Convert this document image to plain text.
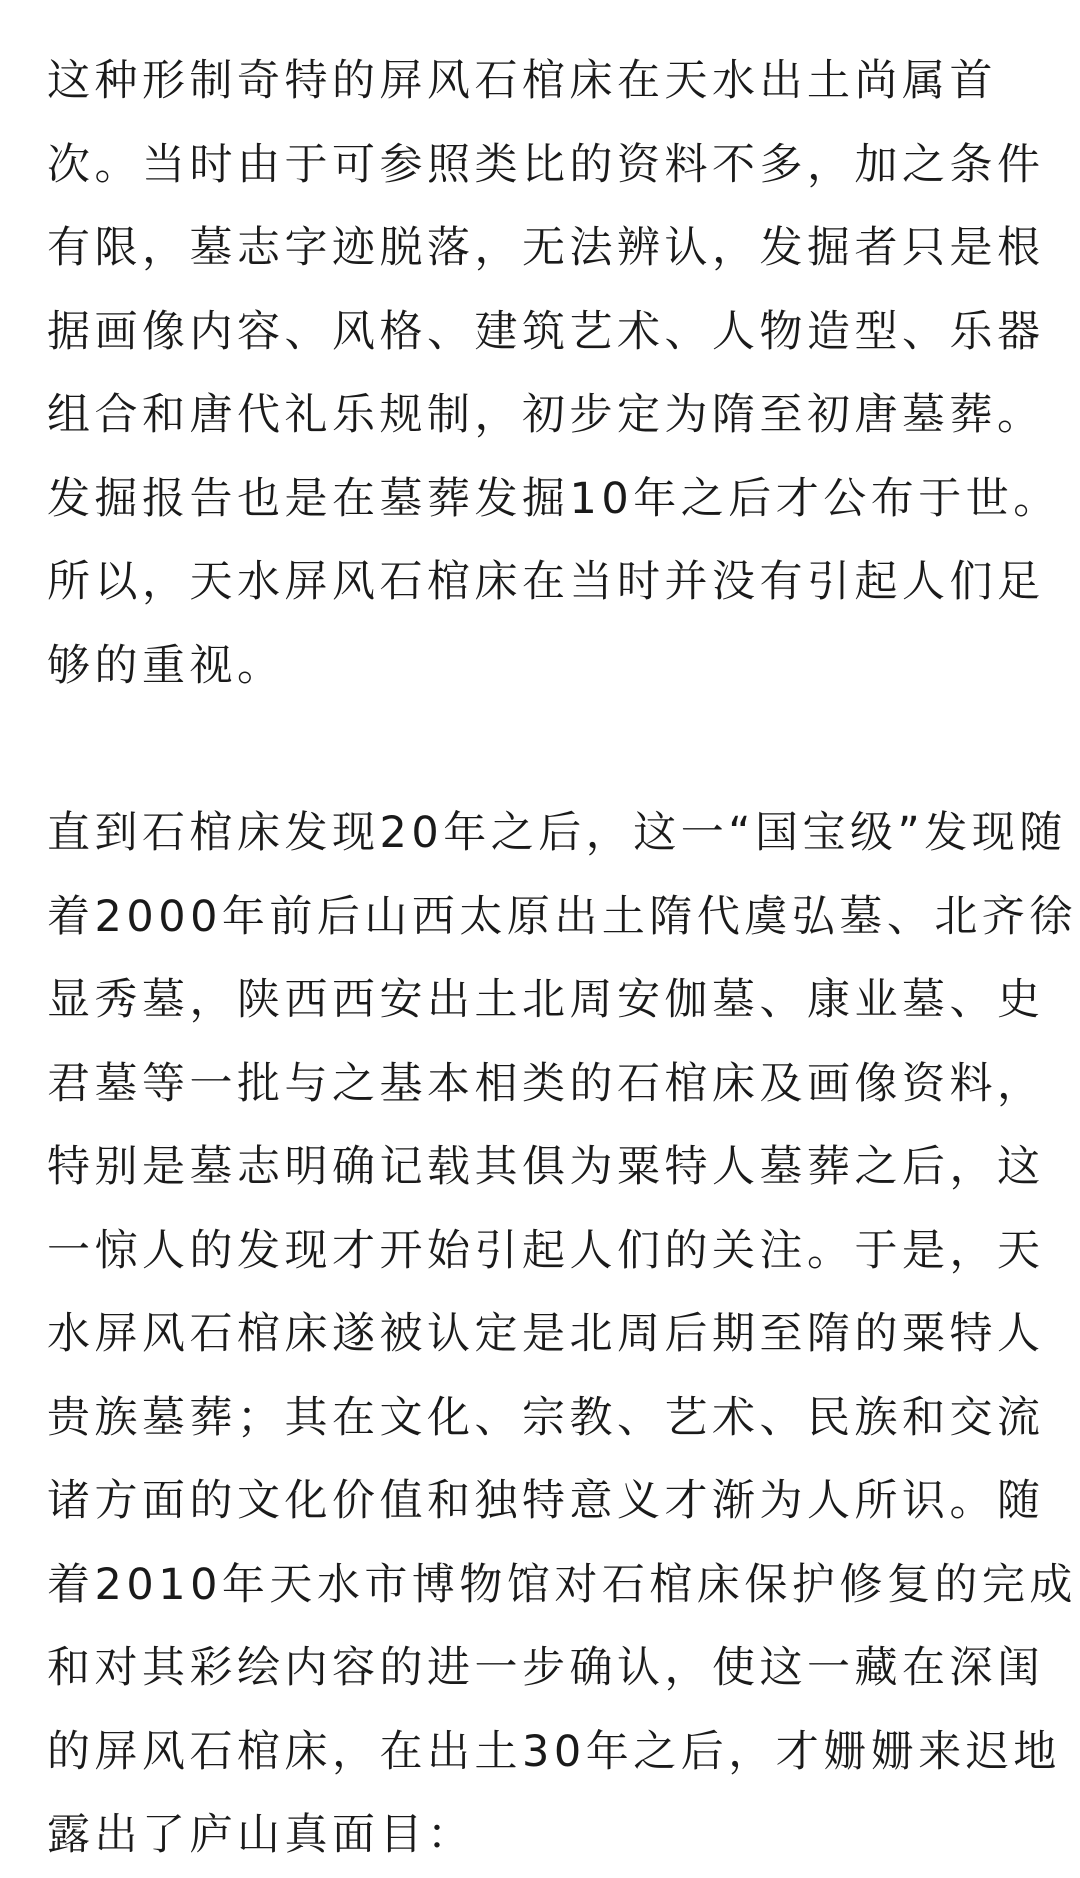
这种形制奇特的屏风石棺床在天水出土尚属首
次。当时由于可参照类比的资料不多，加之条件
有限，墓志字迹脱落，无法辨认，发掘者只是根
据画像内容、风格、建筑艺术、人物造型、乐器
组合和唐代礼乐规制，初步定为隋至初唐墓葬。
发掘报告也是在墓葬发掘10年之后才公布于世。
所以，天水屏风石棺床在当时并没有引起人们足
够的重视。
直到石棺床发现20年之后，这一“国宝级”发现随
着2000年前后山西太原出土隋代虞弘墓、北齐徐
显秀墓，陕西西安出土北周安伽墓、康业墓、史
君墓等一批与之基本相类的石棺床及画像资料，
特别是墓志明确记载其俱为粟特人墓葬之后，这
一惊人的发现才开始引起人们的关注。于是，天
水屏风石棺床遂被认定是北周后期至隋的粟特人
贵族墓葬；其在文化、宗教、艺术、民族和交流
诸方面的文化价值和独特意义才渐为人所识。随
着2010年天水市博物馆对石棺床保护修复的完成
和对其彩绘内容的进一步确认，使这一藏在深闺
的屏风石棺床，在出土30年之后，才姗姗来迟地
露出了庐山真面目：
